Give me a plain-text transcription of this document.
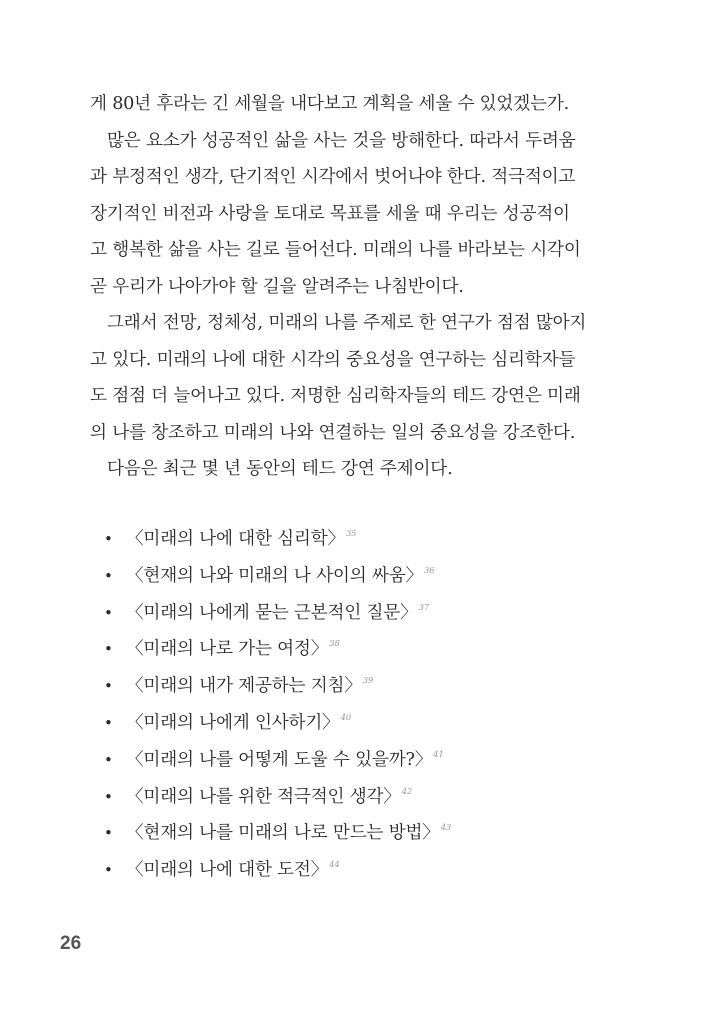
게 80년 후라는 긴 세월을 내다보고 계획을 세울 수 있었겠는가.
많은 요소가 성공적인 삶을 사는 것을 방해한다. 따라서 두려움
과 부정적인 생각, 단기적인 시각에서 벗어나야 한다. 적극적이고
장기적인 비전과 사랑을 토대로 목표를 세울 때 우리는 성공적이
고 행복한 삶을 사는 길로 들어선다. 미래의 나를 바라보는 시각이
곧 우리가 나아가야 할 길을 알려주는 나침반이다.
그래서 전망, 정체성, 미래의 나를 주제로 한 연구가 점점 많아지
고 있다. 미래의 나에 대한 시각의 중요성을 연구하는 심리학자들
도 점점 더 늘어나고 있다. 저명한 심리학자들의 테드 강연은 미래
의 나를 창조하고 미래의 나와 연결하는 일의 중요성을 강조한다.
다음은 최근 몇 년 동안의 테드 강연 주제이다.
• 〈미래의 나에 대한 심리학〉$^{35}$
• 〈현재의 나와 미래의 나 사이의 싸움〉$^{36}$
• 〈미래의 나에게 묻는 근본적인 질문〉$^{37}$
• 〈미래의 나로 가는 여정〉$^{38}$
• 〈미래의 내가 제공하는 지침〉$^{39}$
• 〈미래의 나에게 인사하기〉$^{40}$
• 〈미래의 나를 어떻게 도울 수 있을까?〉$^{41}$
• 〈미래의 나를 위한 적극적인 생각〉$^{42}$
• 〈현재의 나를 미래의 나로 만드는 방법〉$^{43}$
• 〈미래의 나에 대한 도전〉$^{44}$
26
